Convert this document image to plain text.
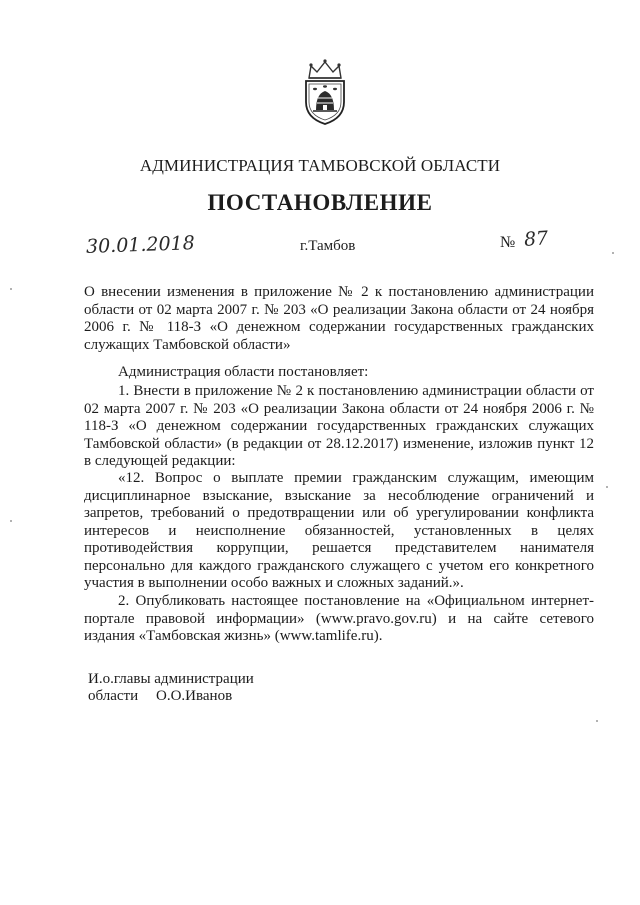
АДМИНИСТРАЦИЯ ТАМБОВСКОЙ ОБЛАСТИ
ПОСТАНОВЛЕНИЕ
30.01.2018	г.Тамбов	№ 87
О внесении изменения в приложение № 2 к постановлению администрации области от 02 марта 2007 г. № 203 «О реализации Закона области от 24 ноября 2006 г. № 118-З «О денежном содержании государственных гражданских служащих Тамбовской области»
Администрация области постановляет:
1. Внести в приложение № 2 к постановлению администрации области от 02 марта 2007 г. № 203 «О реализации Закона области от 24 ноября 2006 г. № 118-З «О денежном содержании государственных гражданских служащих Тамбовской области» (в редакции от 28.12.2017) изменение, изложив пункт 12 в следующей редакции:
«12. Вопрос о выплате премии гражданским служащим, имеющим дисциплинарное взыскание, взыскание за несоблюдение ограничений и запретов, требований о предотвращении или об урегулировании конфликта интересов и неисполнение обязанностей, установленных в целях противодействия коррупции, решается представителем нанимателя персонально для каждого гражданского служащего с учетом его конкретного участия в выполнении особо важных и сложных заданий.».
2. Опубликовать настоящее постановление на «Официальном интернет-портале правовой информации» (www.pravo.gov.ru) и на сайте сетевого издания «Тамбовская жизнь» (www.tamlife.ru).
И.о.главы администрации
области О.О.Иванов
